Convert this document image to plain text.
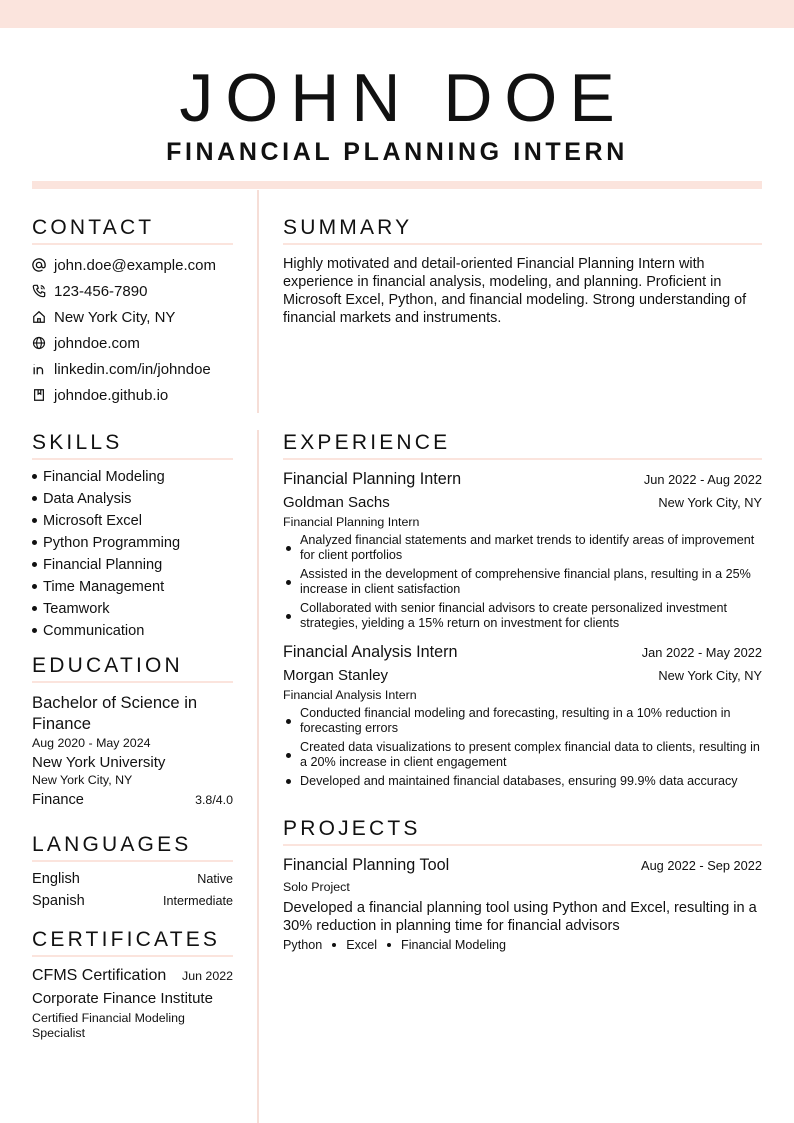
JOHN DOE
FINANCIAL PLANNING INTERN
CONTACT
john.doe@example.com
123-456-7890
New York City, NY
johndoe.com
linkedin.com/in/johndoe
johndoe.github.io
SUMMARY
Highly motivated and detail-oriented Financial Planning Intern with experience in financial analysis, modeling, and planning. Proficient in Microsoft Excel, Python, and financial modeling. Strong understanding of financial markets and instruments.
SKILLS
Financial Modeling
Data Analysis
Microsoft Excel
Python Programming
Financial Planning
Time Management
Teamwork
Communication
EDUCATION
Bachelor of Science in Finance
Aug 2020 - May 2024
New York University
New York City, NY
Finance	3.8/4.0
LANGUAGES
English	Native
Spanish	Intermediate
CERTIFICATES
CFMS Certification Jun 2022
Corporate Finance Institute
Certified Financial Modeling Specialist
EXPERIENCE
Financial Planning Intern	Jun 2022 - Aug 2022
Goldman Sachs	New York City, NY
Financial Planning Intern
Analyzed financial statements and market trends to identify areas of improvement for client portfolios
Assisted in the development of comprehensive financial plans, resulting in a 25% increase in client satisfaction
Collaborated with senior financial advisors to create personalized investment strategies, yielding a 15% return on investment for clients
Financial Analysis Intern	Jan 2022 - May 2022
Morgan Stanley	New York City, NY
Financial Analysis Intern
Conducted financial modeling and forecasting, resulting in a 10% reduction in forecasting errors
Created data visualizations to present complex financial data to clients, resulting in a 20% increase in client engagement
Developed and maintained financial databases, ensuring 99.9% data accuracy
PROJECTS
Financial Planning Tool	Aug 2022 - Sep 2022
Solo Project
Developed a financial planning tool using Python and Excel, resulting in a 30% reduction in planning time for financial advisors
Python Excel Financial Modeling
